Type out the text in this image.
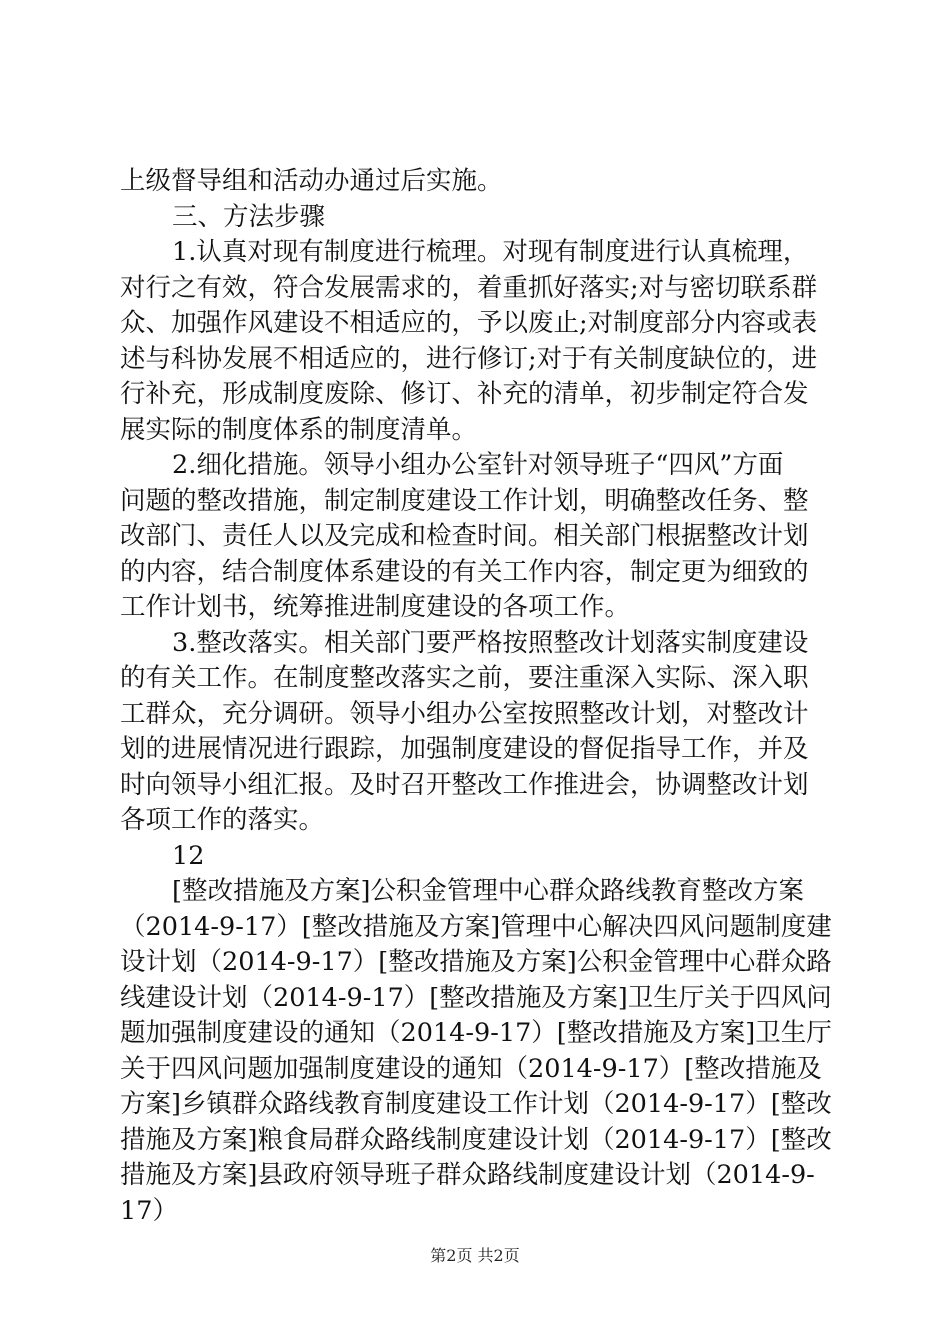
上级督导组和活动办通过后实施。
三、方法步骤
1.认真对现有制度进行梳理。对现有制度进行认真梳理，
对行之有效，符合发展需求的，着重抓好落实;对与密切联系群
众、加强作风建设不相适应的，予以废止;对制度部分内容或表
述与科协发展不相适应的，进行修订;对于有关制度缺位的，进
行补充，形成制度废除、修订、补充的清单，初步制定符合发
展实际的制度体系的制度清单。
2.细化措施。领导小组办公室针对领导班子“四风”方面
问题的整改措施，制定制度建设工作计划，明确整改任务、整
改部门、责任人以及完成和检查时间。相关部门根据整改计划
的内容，结合制度体系建设的有关工作内容，制定更为细致的
工作计划书，统筹推进制度建设的各项工作。
3.整改落实。相关部门要严格按照整改计划落实制度建设
的有关工作。在制度整改落实之前，要注重深入实际、深入职
工群众，充分调研。领导小组办公室按照整改计划，对整改计
划的进展情况进行跟踪，加强制度建设的督促指导工作，并及
时向领导小组汇报。及时召开整改工作推进会，协调整改计划
各项工作的落实。
12
[整改措施及方案]公积金管理中心群众路线教育整改方案
（2014-9-17）[整改措施及方案]管理中心解决四风问题制度建
设计划（2014-9-17）[整改措施及方案]公积金管理中心群众路
线建设计划（2014-9-17）[整改措施及方案]卫生厅关于四风问
题加强制度建设的通知（2014-9-17）[整改措施及方案]卫生厅
关于四风问题加强制度建设的通知（2014-9-17）[整改措施及
方案]乡镇群众路线教育制度建设工作计划（2014-9-17）[整改
措施及方案]粮食局群众路线制度建设计划（2014-9-17）[整改
措施及方案]县政府领导班子群众路线制度建设计划（2014-9-
17）
第2页 共2页
